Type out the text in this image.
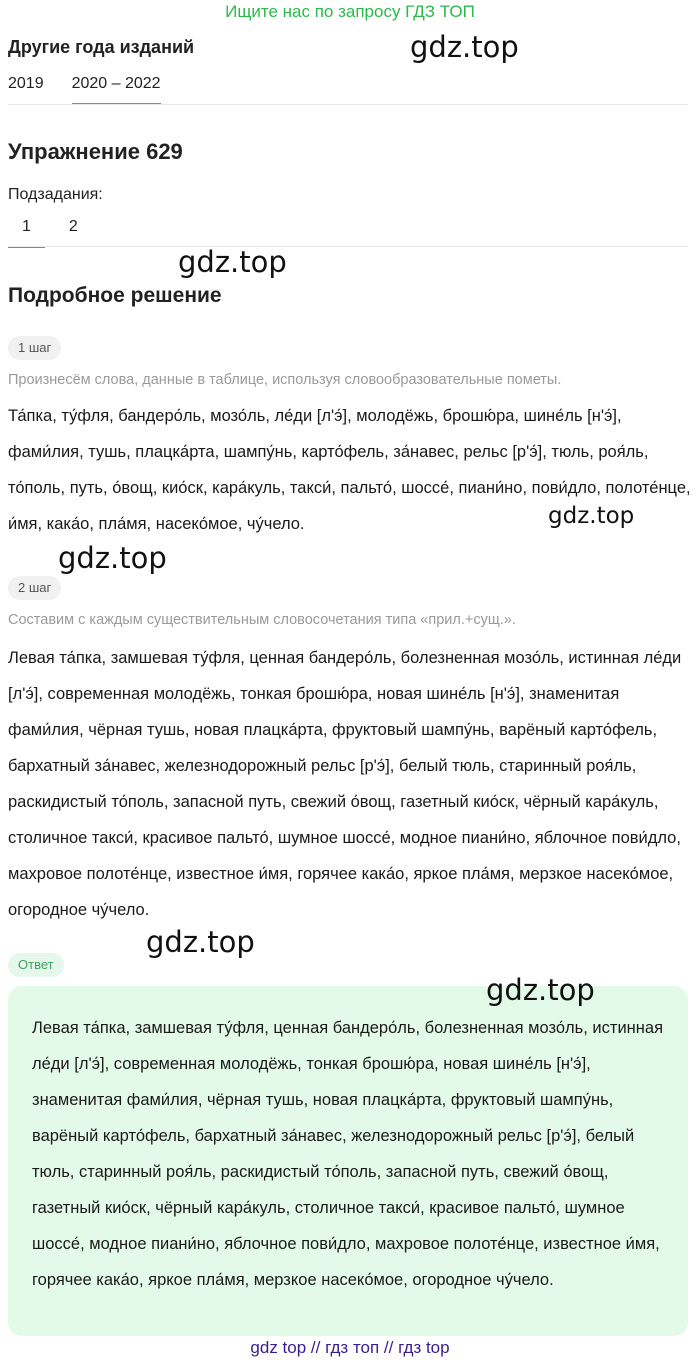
Ищите нас по запросу ГДЗ ТОП
gdz.top
Другие года изданий
2019 2020 – 2022
Упражнение 629
Подзадания:
1	2
gdz.top
Подробное решение
1 шаг
Произнесём слова, данные в таблице, используя словообразовательные пометы.
Та́пка, ту́фля, бандеро́ль, мозо́ль, ле́ди [л'э́], молодёжь, брошю́ра, шине́ль [н'э́], фами́лия, тушь, плацка́рта, шампу́нь, карто́фель, за́навес, рельс [р'э́], тюль, роя́ль, то́поль, путь, о́вощ, кио́ск, кара́куль, такси́, пальто́, шоссе́, пиани́но, пови́дло, полоте́нце, и́мя, кака́о, пла́мя, насеко́мое, чу́чело.	gdz.top
gdz.top
2 шаг
Составим с каждым существительным словосочетания типа «прил.+сущ.».
Левая та́пка, замшевая ту́фля, ценная бандеро́ль, болезненная мозо́ль, истинная ле́ди [л'э́], современная молодёжь, тонкая брошю́ра, новая шине́ль [н'э́], знаменитая фами́лия, чёрная тушь, новая плацка́рта, фруктовый шампу́нь, варёный карто́фель, бархатный за́навес, железнодорожный рельс [р'э́], белый тюль, старинный роя́ль, раскидистый то́поль, запасной путь, свежий о́вощ, газетный кио́ск, чёрный кара́куль, столичное такси́, красивое пальто́, шумное шоссе́, модное пиани́но, яблочное пови́дло, махровое полоте́нце, известное и́мя, горячее кака́о, яркое пла́мя, мерзкое насеко́мое, огородное чу́чело.
gdz.top
Ответ
gdz.top
Левая та́пка, замшевая ту́фля, ценная бандеро́ль, болезненная мозо́ль, истинная ле́ди [л'э́], современная молодёжь, тонкая брошю́ра, новая шине́ль [н'э́], знаменитая фами́лия, чёрная тушь, новая плацка́рта, фруктовый шампу́нь, варёный карто́фель, бархатный за́навес, железнодорожный рельс [р'э́], белый тюль, старинный роя́ль, раскидистый то́поль, запасной путь, свежий о́вощ, газетный кио́ск, чёрный кара́куль, столичное такси́, красивое пальто́, шумное шоссе́, модное пиани́но, яблочное пови́дло, махровое полоте́нце, известное и́мя, горячее кака́о, яркое пла́мя, мерзкое насеко́мое, огородное чу́чело.
gdz top // гдз топ // гдз top
